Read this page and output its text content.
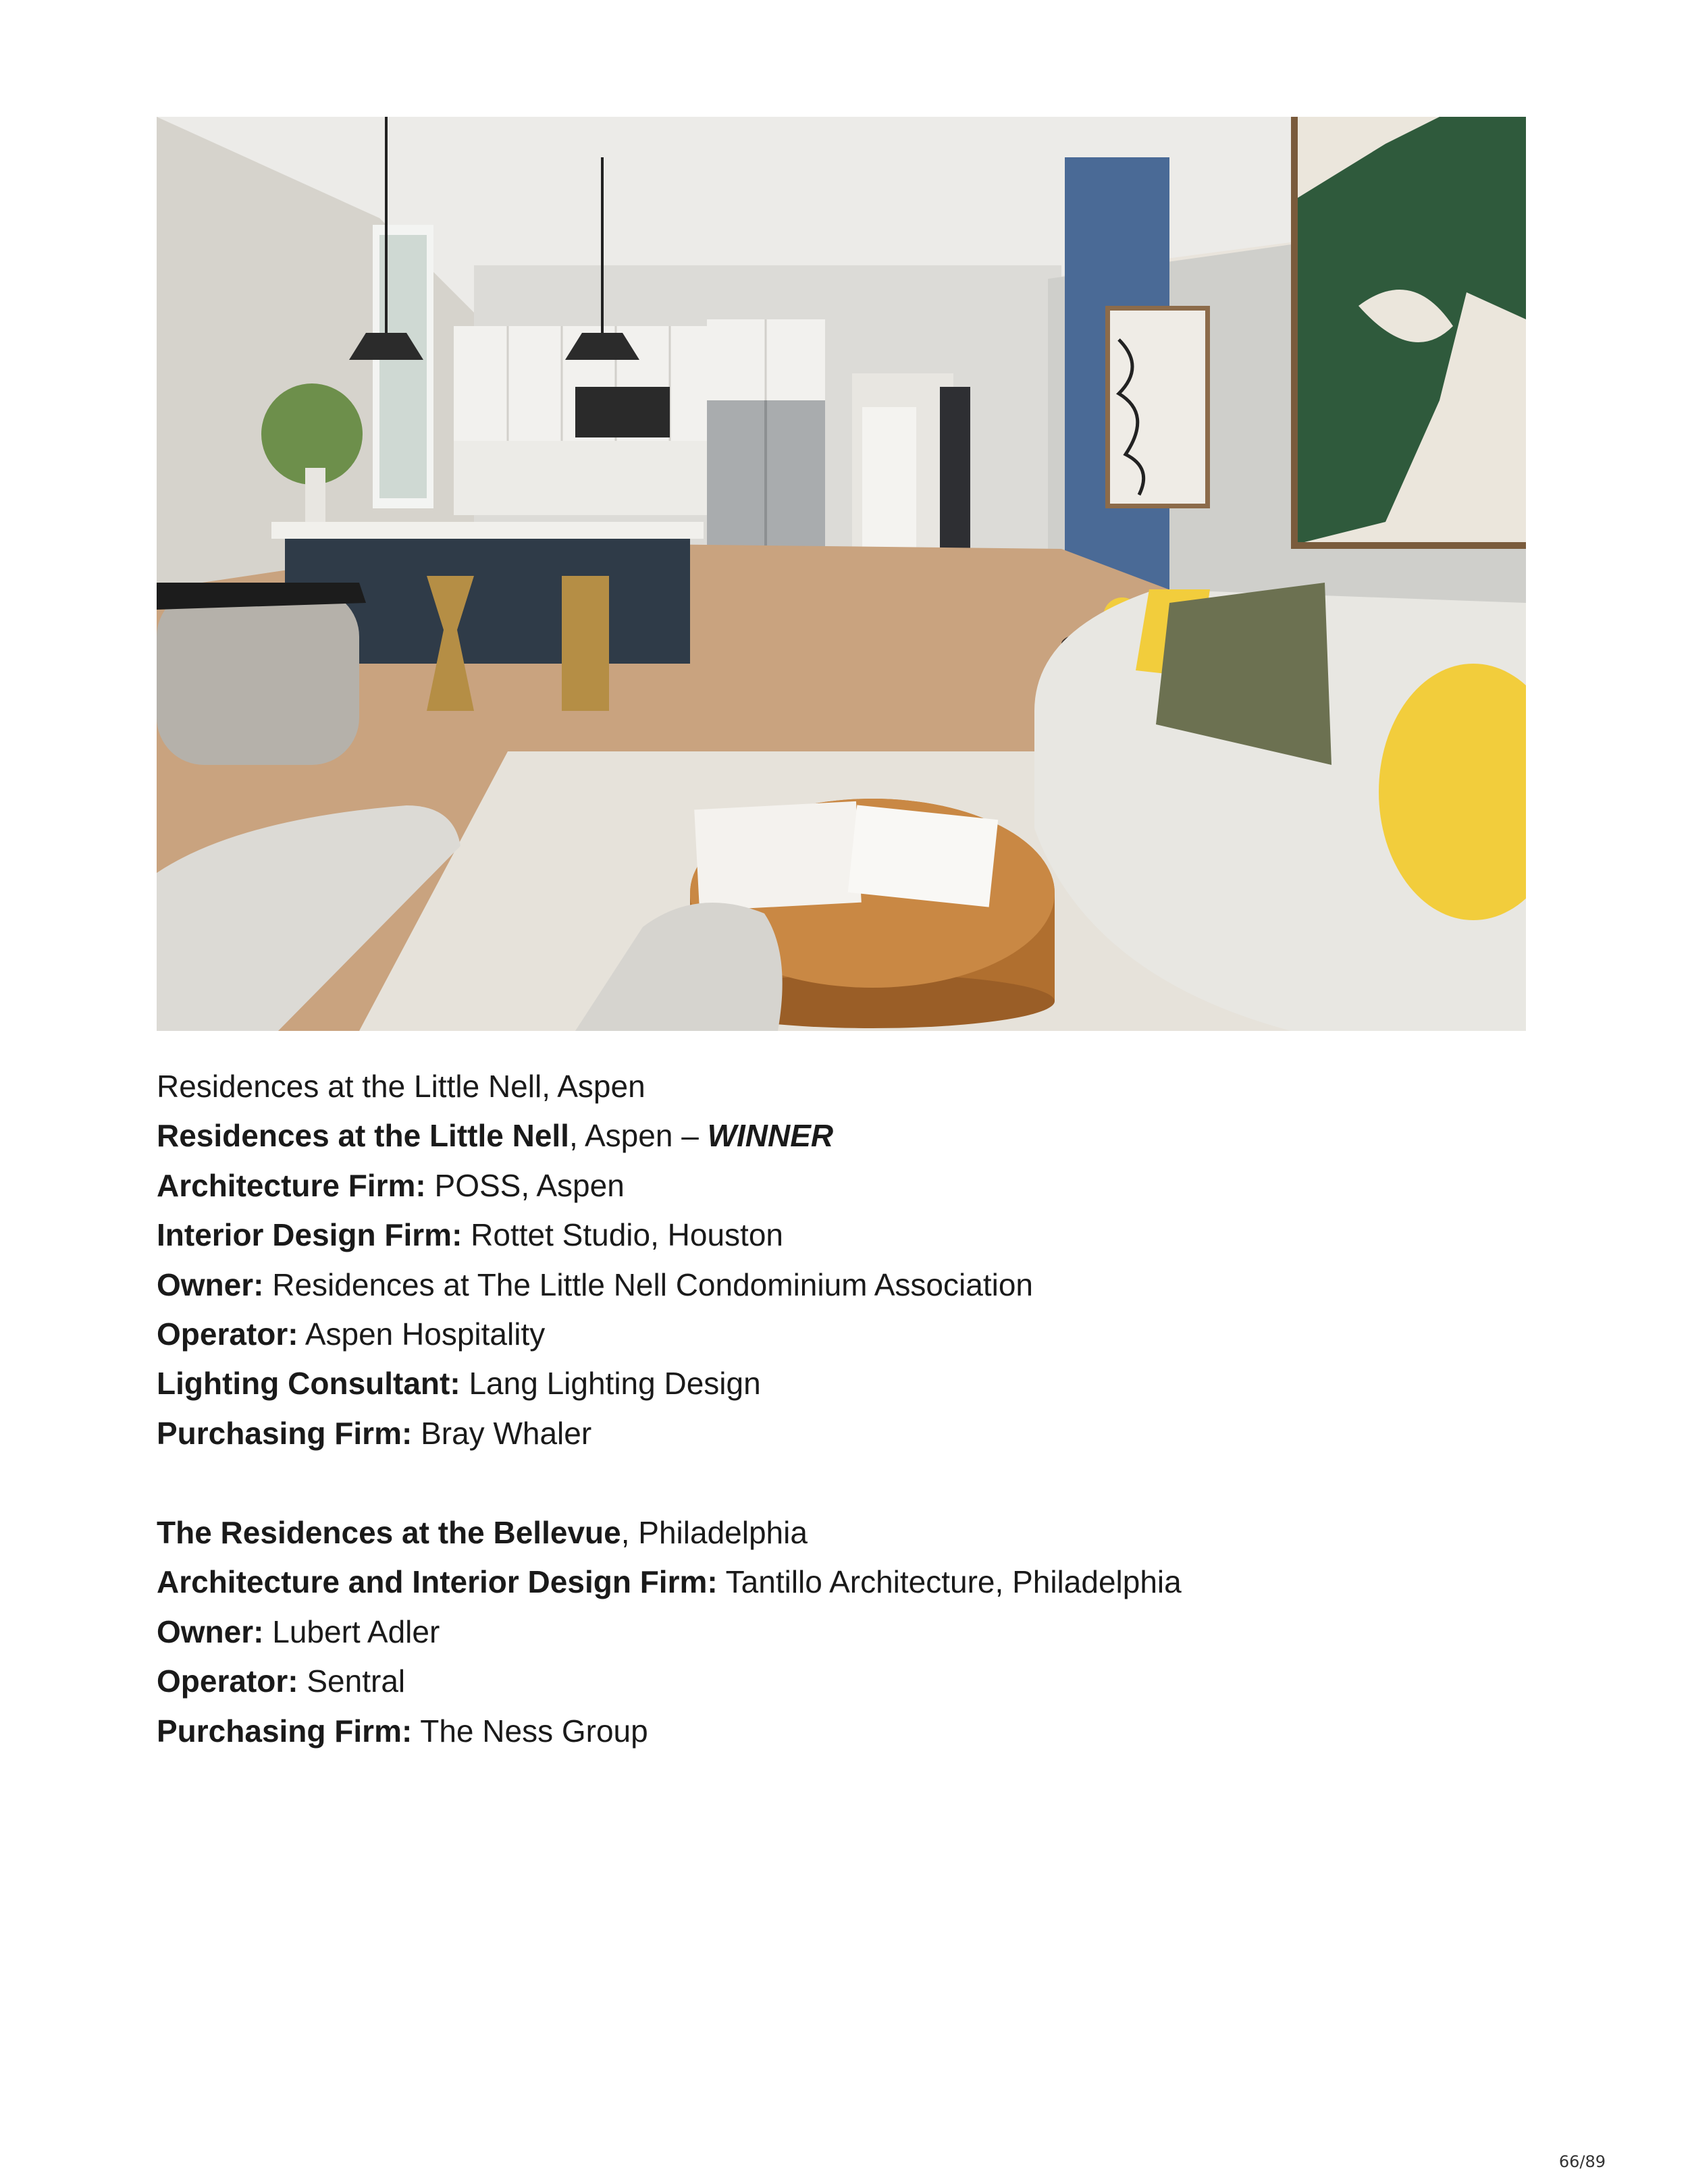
Residences at the Little Nell, Aspen
Residences at the Little Nell, Aspen – WINNER
Architecture Firm: POSS, Aspen
Interior Design Firm: Rottet Studio, Houston
Owner: Residences at The Little Nell Condominium Association
Operator: Aspen Hospitality
Lighting Consultant: Lang Lighting Design
Purchasing Firm: Bray Whaler
The Residences at the Bellevue, Philadelphia
Architecture and Interior Design Firm: Tantillo Architecture, Philadelphia
Owner: Lubert Adler
Operator: Sentral
Purchasing Firm: The Ness Group
66/89
